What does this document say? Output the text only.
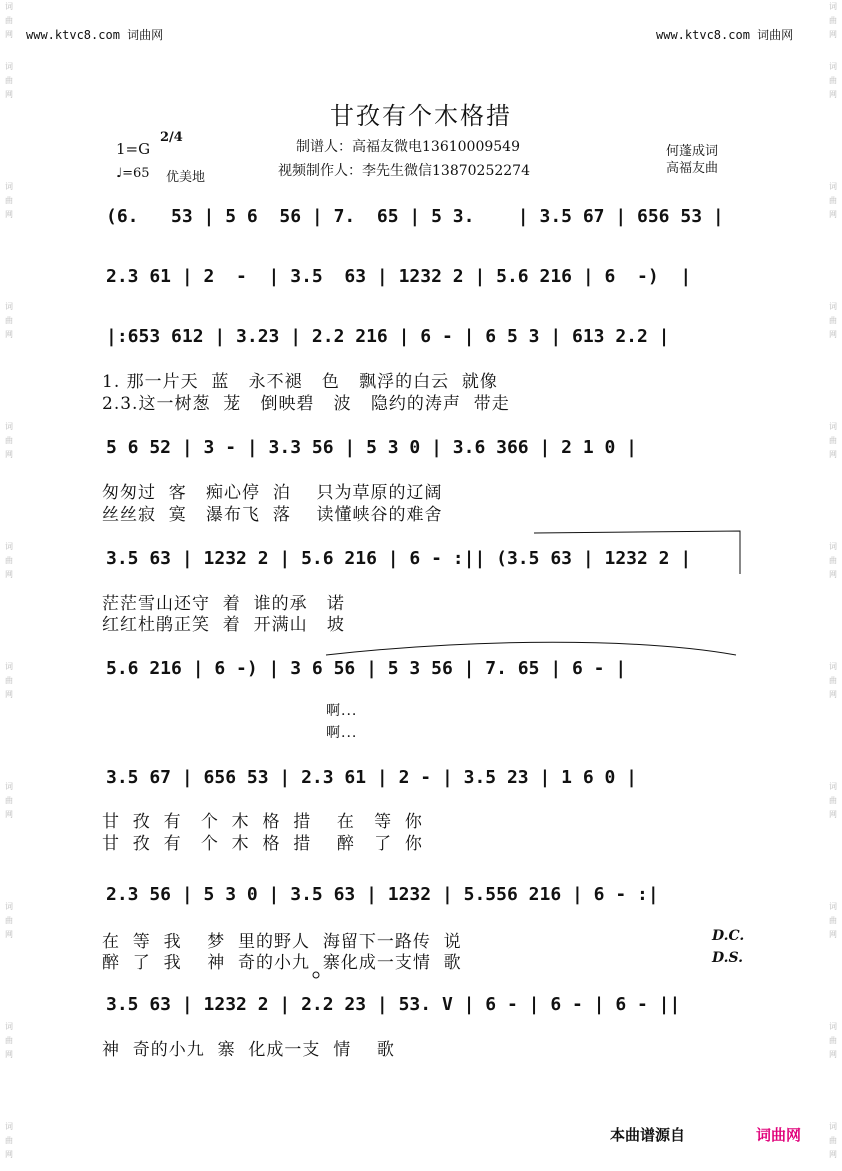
词曲网
词曲网
词曲网
词曲网
词曲网
词曲网
词曲网
词曲网
词曲网
词曲网
词曲网
词曲网
词曲网
词曲网
词曲网
词曲网
词曲网
词曲网
词曲网
词曲网
词曲网
词曲网
www.ktvc8.com 词曲网	www.ktvc8.com 词曲网
甘孜有个木格措
1=G
2/4
♩=65 优美地
制谱人：高福友微电13610009549
视频制作人：李先生微信13870252274
何蓬成词
高福友曲
(6.   53 | 5 6  56 | 7.  65 | 5 3.    | 3.5 67 | 656 53 |
2.3 61 | 2  -  | 3.5  63 | 1232 2 | 5.6 216 | 6  -)  |
|:653 612 | 3.23 | 2.2 216 | 6 - | 6 5 3 | 613 2.2 |
1. 那一片天  蓝   永不褪   色   飘浮的白云  就像
2.3.这一树葱  茏   倒映碧   波   隐约的涛声  带走
5 6 52 | 3 - | 3.3 56 | 5 3 0 | 3.6 366 | 2 1 0 |
匆匆过  客   痴心停  泊    只为草原的辽阔
丝丝寂  寞   瀑布飞  落    读懂峡谷的难舍
3.5 63 | 1232 2 | 5.6 216 | 6 - :|| (3.5 63 | 1232 2 |
茫茫雪山还守  着  谁的承   诺
红红杜鹃正笑  着  开满山   坡
5.6 216 | 6 -) | 3 6 56 | 5 3 56 | 7. 65 | 6 - |
啊...
啊...
3.5 67 | 656 53 | 2.3 61 | 2 - | 3.5 23 | 1 6 0 |
甘  孜  有   个  木  格  措    在   等  你
甘  孜  有   个  木  格  措    醉   了  你
2.3 56 | 5 3 0 | 3.5 63 | 1232 | 5.556 216 | 6 - :|
在  等  我    梦  里的野人  海留下一路传  说
醉  了  我    神  奇的小九  寨化成一支情  歌
D.C.
D.S.
3.5 63 | 1232 2 | 2.2 23 | 53. V | 6 - | 6 - | 6 - ||
神  奇的小九  寨  化成一支  情    歌
本曲谱源自	词曲网
